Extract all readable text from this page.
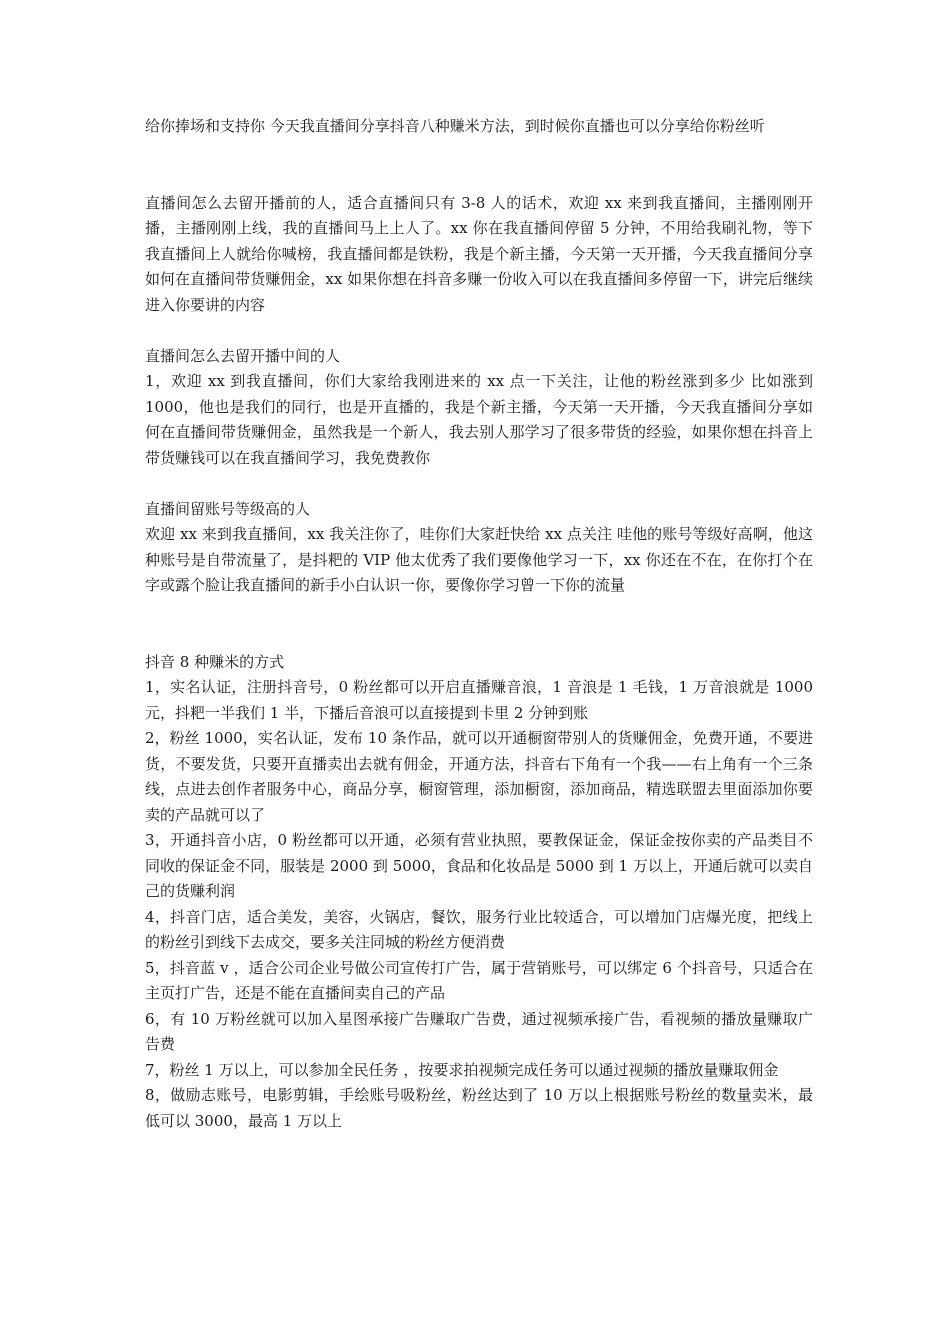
给你捧场和支持你 今天我直播间分享抖音八种赚米方法，到时候你直播也可以分享给你粉丝听

直播间怎么去留开播前的人，适合直播间只有 3-8 人的话术，欢迎 xx 来到我直播间，主播刚刚开播，主播刚刚上线，我的直播间马上上人了。xx 你在我直播间停留 5 分钟，不用给我刷礼物，等下我直播间上人就给你喊榜，我直播间都是铁粉，我是个新主播，今天第一天开播，今天我直播间分享如何在直播间带货赚佣金，xx 如果你想在抖音多赚一份收入可以在我直播间多停留一下，讲完后继续进入你要讲的内容

直播间怎么去留开播中间的人

1，欢迎 xx 到我直播间，你们大家给我刚进来的 xx 点一下关注，让他的粉丝涨到多少 比如涨到 1000，他也是我们的同行，也是开直播的，我是个新主播，今天第一天开播，今天我直播间分享如何在直播间带货赚佣金，虽然我是一个新人，我去别人那学习了很多带货的经验，如果你想在抖音上带货赚钱可以在我直播间学习，我免费教你

直播间留账号等级高的人

欢迎 xx 来到我直播间，xx 我关注你了，哇你们大家赶快给 xx 点关注 哇他的账号等级好高啊，他这种账号是自带流量了，是抖粑的 VIP 他太优秀了我们要像他学习一下，xx 你还在不在，在你打个在字或露个脸让我直播间的新手小白认识一你，要像你学习曾一下你的流量

抖音 8 种赚米的方式

1，实名认证，注册抖音号，0 粉丝都可以开启直播赚音浪，1 音浪是 1 毛钱，1 万音浪就是 1000 元，抖粑一半我们 1 半，下播后音浪可以直接提到卡里 2 分钟到账

2，粉丝 1000，实名认证，发布 10 条作品，就可以开通橱窗带别人的货赚佣金，免费开通，不要进货，不要发货，只要开直播卖出去就有佣金，开通方法，抖音右下角有一个我——右上角有一个三条线，点进去创作者服务中心，商品分享，橱窗管理，添加橱窗，添加商品，精选联盟去里面添加你要卖的产品就可以了

3，开通抖音小店，0 粉丝都可以开通，必须有营业执照，要教保证金，保证金按你卖的产品类目不同收的保证金不同，服装是 2000 到 5000，食品和化妆品是 5000 到 1 万以上，开通后就可以卖自己的货赚利润

4，抖音门店，适合美发，美容，火锅店，餐饮，服务行业比较适合，可以增加门店爆光度，把线上的粉丝引到线下去成交，要多关注同城的粉丝方便消费

5，抖音蓝 v ，适合公司企业号做公司宣传打广告，属于营销账号，可以绑定 6 个抖音号，只适合在主页打广告，还是不能在直播间卖自己的产品

6，有 10 万粉丝就可以加入星图承接广告赚取广告费，通过视频承接广告，看视频的播放量赚取广告费

7，粉丝 1 万以上，可以参加全民任务 ，按要求拍视频完成任务可以通过视频的播放量赚取佣金

8，做励志账号，电影剪辑，手绘账号吸粉丝，粉丝达到了 10 万以上根据账号粉丝的数量卖米，最低可以 3000，最高 1 万以上
